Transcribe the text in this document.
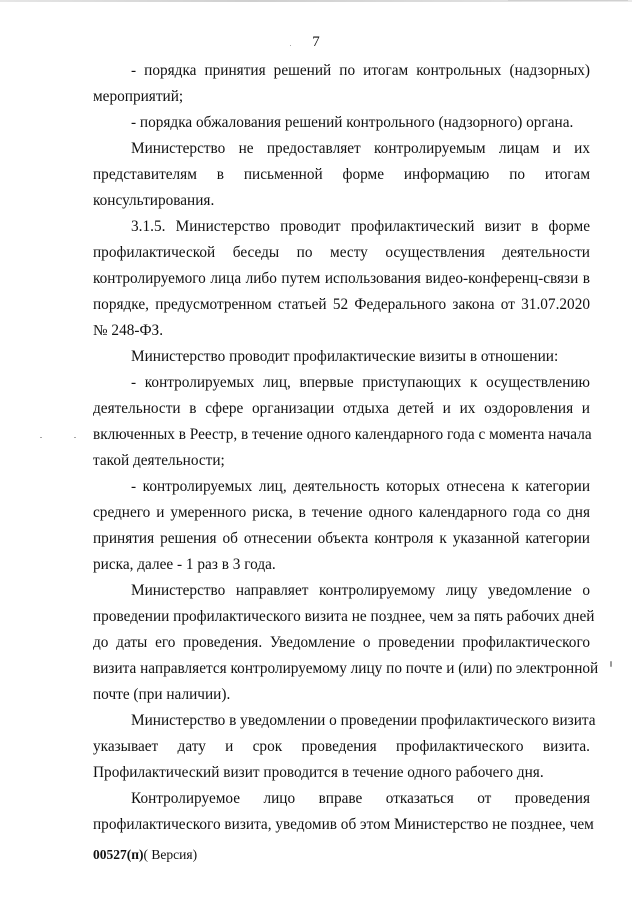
7
- порядка принятия решений по итогам контрольных (надзорных)
мероприятий;
- порядка обжалования решений контрольного (надзорного) органа.
Министерство не предоставляет контролируемым лицам и их
представителям в письменной форме информацию по итогам
консультирования.
3.1.5. Министерство проводит профилактический визит в форме
профилактической беседы по месту осуществления деятельности
контролируемого лица либо путем использования видео-конференц-связи в
порядке, предусмотренном статьей 52 Федерального закона от 31.07.2020
№ 248-ФЗ.
Министерство проводит профилактические визиты в отношении:
- контролируемых лиц, впервые приступающих к осуществлению
деятельности в сфере организации отдыха детей и их оздоровления и
включенных в Реестр, в течение одного календарного года с момента начала
такой деятельности;
- контролируемых лиц, деятельность которых отнесена к категории
среднего и умеренного риска, в течение одного календарного года со дня
принятия решения об отнесении объекта контроля к указанной категории
риска, далее - 1 раз в 3 года.
Министерство направляет контролируемому лицу уведомление о
проведении профилактического визита не позднее, чем за пять рабочих дней
до даты его проведения. Уведомление о проведении профилактического
визита направляется контролируемому лицу по почте и (или) по электронной
почте (при наличии).
Министерство в уведомлении о проведении профилактического визита
указывает дату и срок проведения профилактического визита.
Профилактический визит проводится в течение одного рабочего дня.
Контролируемое лицо вправе отказаться от проведения
профилактического визита, уведомив об этом Министерство не позднее, чем
00527(п)( Версия)
